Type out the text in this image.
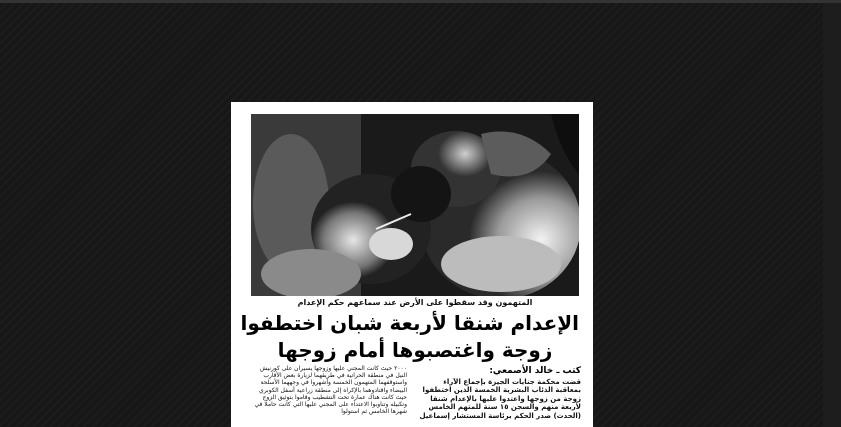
المتهمون وقد سقطوا على الأرض عند سماعهم حكم الإعدام
الإعدام شنقا لأربعة شبان اختطفوا
زوجة واغتصبوها أمام زوجها
كتب ـ خالد الأصمعي:
قضت محكمة جنايات الجيزة بإجماع الآراء بمعاقبة الذئاب البشرية الخمسة الذين اختطفوا زوجة من زوجها واعتدوا عليها بالإعدام شنقا لأربعة منهم والسجن ١٥ سنة للمتهم الخامس (الحدث) صدر الحكم برئاسة المستشار إسماعيل
٢٠٠٠ حيث كانت المجني عليها وزوجها يسيران على كورنيش النيل في منطقة الحرانية في طريقهما لزيارة بعض الأقارب واستوقفهما المتهمون الخمسة وأشهروا في وجههما الأسلحة البيضاء واقتادوهما بالإكراه إلى منطقة زراعية أسفل الكوبري حيث كانت هناك عمارة تحت التشطيب وقاموا بتوثيق الزوج وتكبيله وتناوبوا الاعتداء على المجني عليها التي كانت حاملا في شهرها الخامس ثم استولوا
